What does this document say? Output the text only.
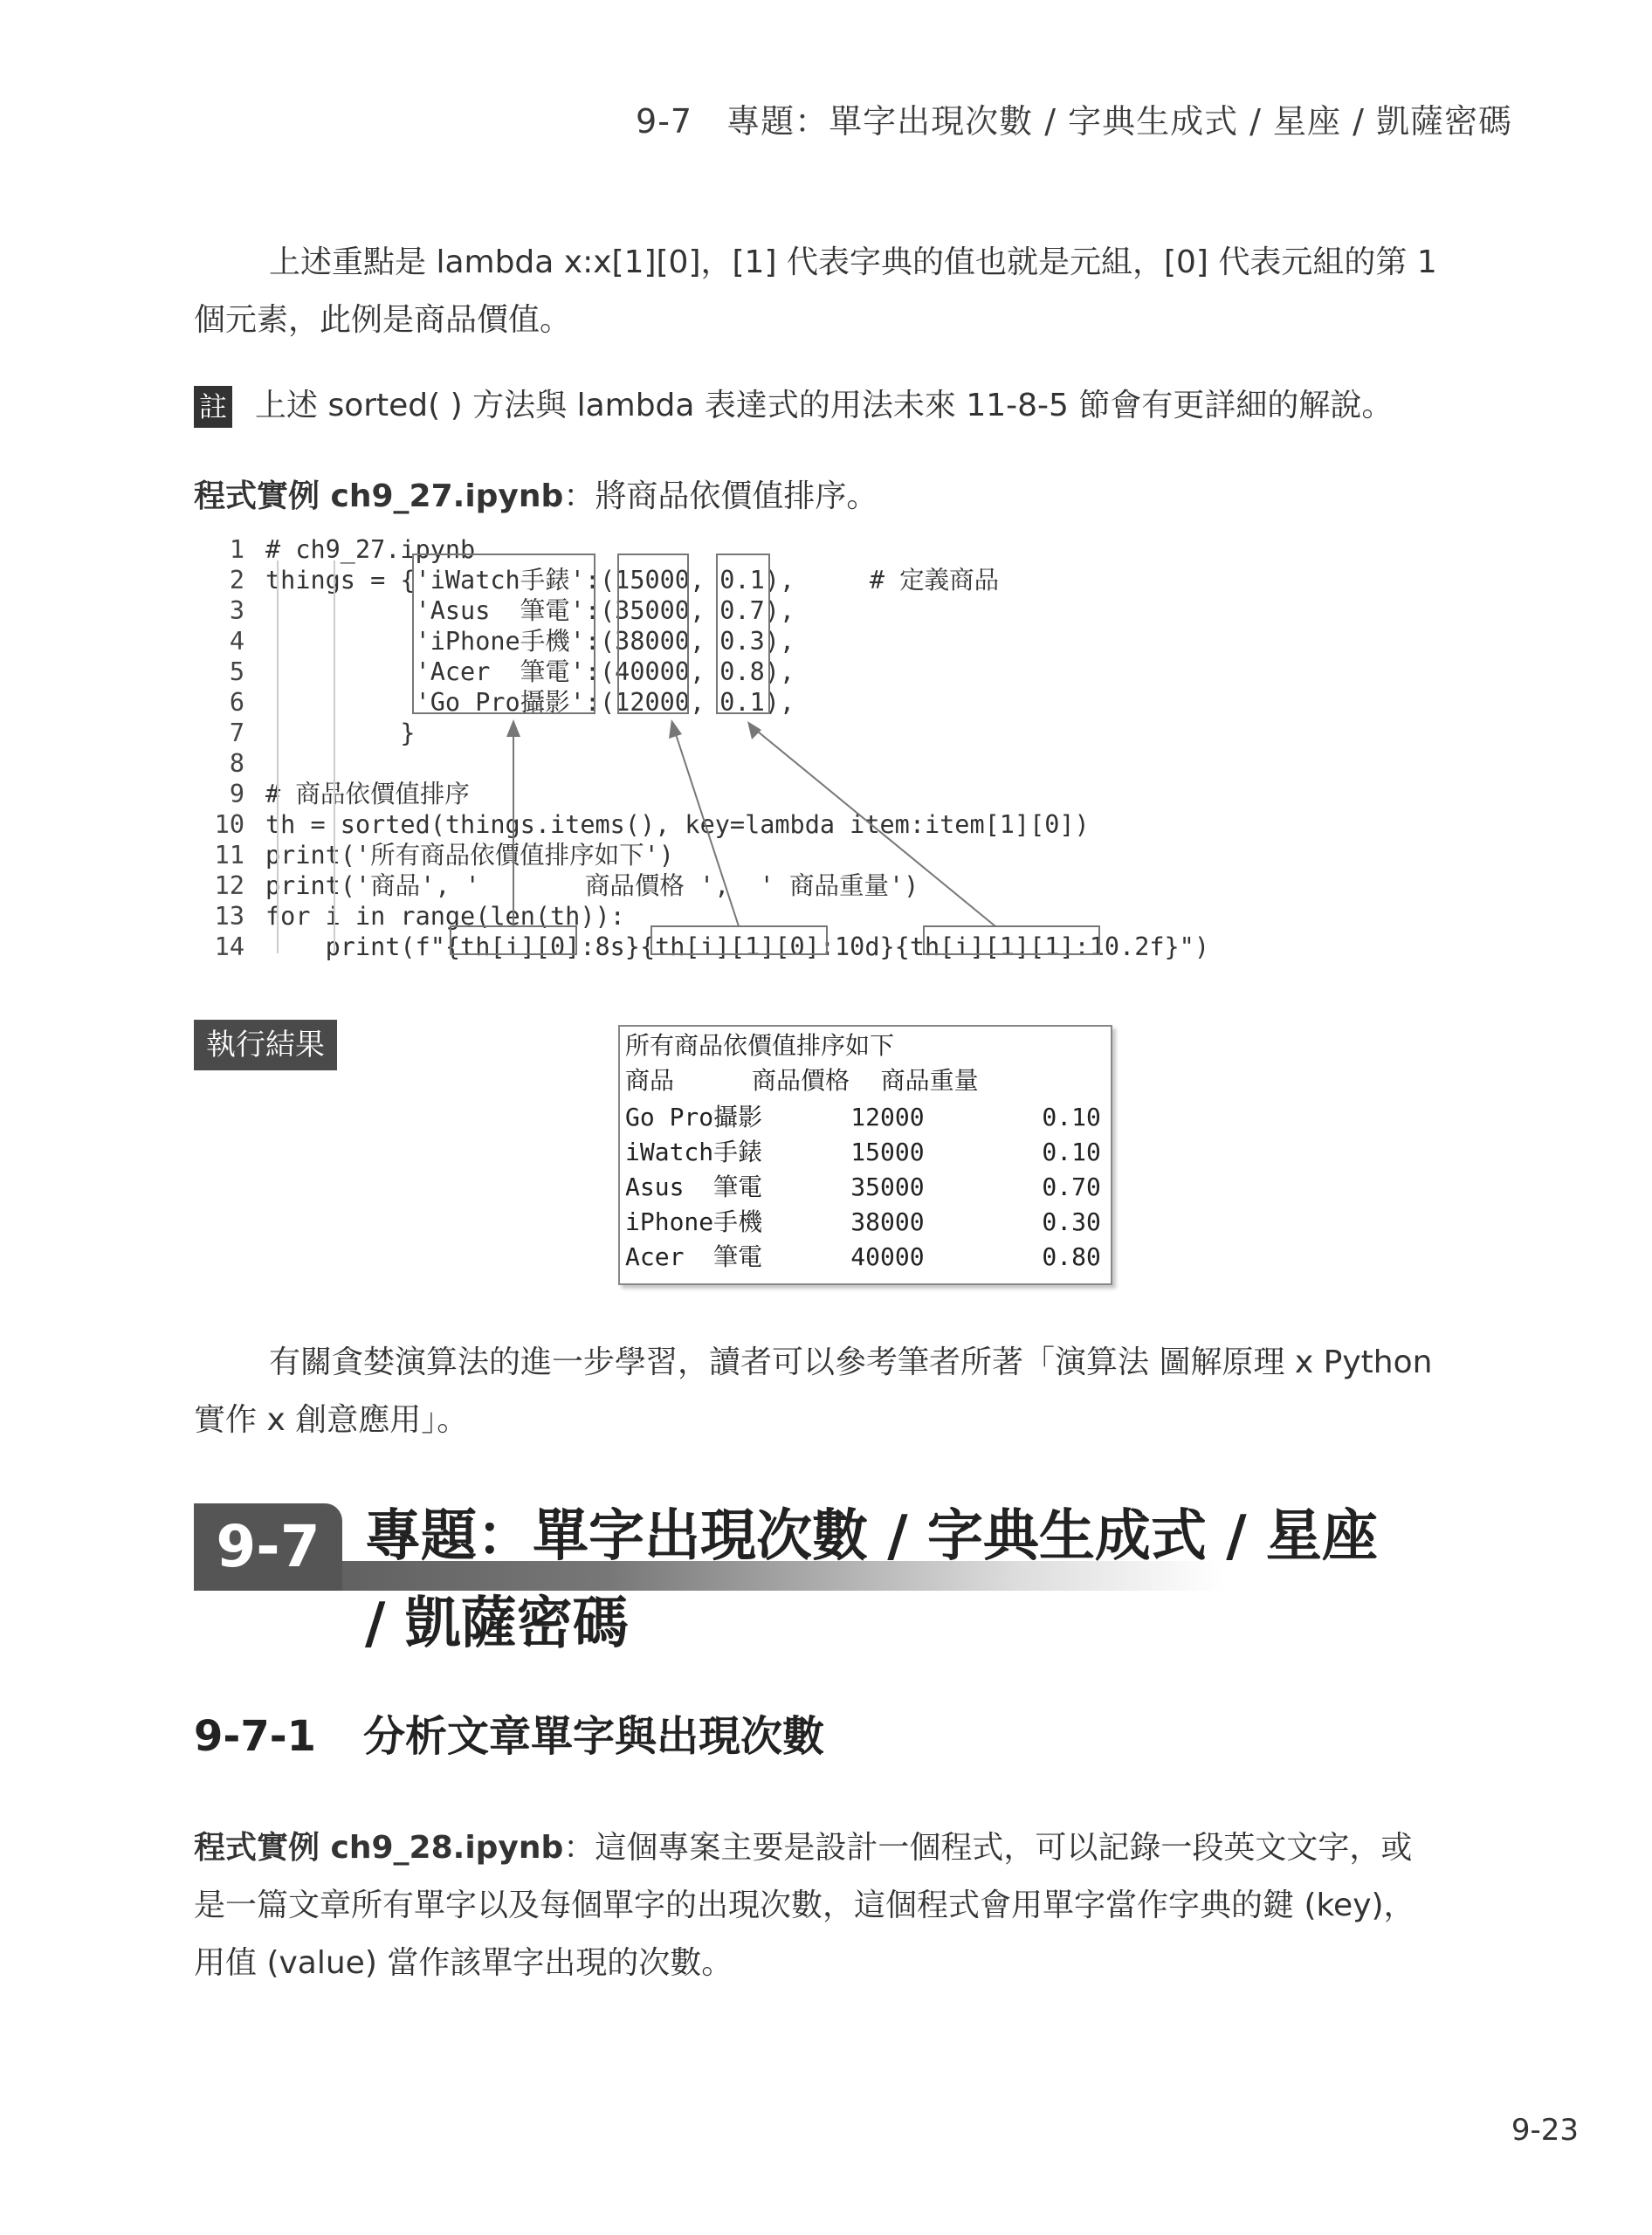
9-7　專題：單字出現次數 / 字典生成式 / 星座 / 凱薩密碼
上述重點是 lambda x:x[1][0]，[1] 代表字典的值也就是元組，[0] 代表元組的第 1
個元素，此例是商品價值。
註 上述 sorted( ) 方法與 lambda 表達式的用法未來 11-8-5 節會有更詳細的解說。
程式實例 ch9_27.ipynb：將商品依價值排序。
1 # ch9_27.ipynb
2 things = {'iWatch手錶':(15000, 0.1),     # 定義商品
3          'Asus  筆電':(35000, 0.7),
4          'iPhone手機':(38000, 0.3),
5          'Acer  筆電':(40000, 0.8),
6          'Go Pro攝影':(12000, 0.1),
7         }
8
9 # 商品依價值排序
10 th = sorted(things.items(), key=lambda item:item[1][0])
11 print('所有商品依價值排序如下')
12 print('商品', '       商品價格 ',  ' 商品重量')
13 for i in range(len(th)):
14    print(f"{th[i][0]:8s}{th[i][1][0]:10d}{th[i][1][1]:10.2f}")
執行結果	所有商品依價值排序如下
商品          商品價格    商品重量
Go Pro攝影      12000        0.10
iWatch手錶      15000        0.10
Asus  筆電      35000        0.70
iPhone手機      38000        0.30
Acer  筆電      40000        0.80
有關貪婪演算法的進一步學習，讀者可以參考筆者所著「演算法 圖解原理 x Python
實作 x 創意應用」。
9-7 專題：單字出現次數 / 字典生成式 / 星座
/ 凱薩密碼
9-7-1 分析文章單字與出現次數
程式實例 ch9_28.ipynb：這個專案主要是設計一個程式，可以記錄一段英文文字，或
是一篇文章所有單字以及每個單字的出現次數，這個程式會用單字當作字典的鍵 (key)，
用值 (value) 當作該單字出現的次數。
9-23
